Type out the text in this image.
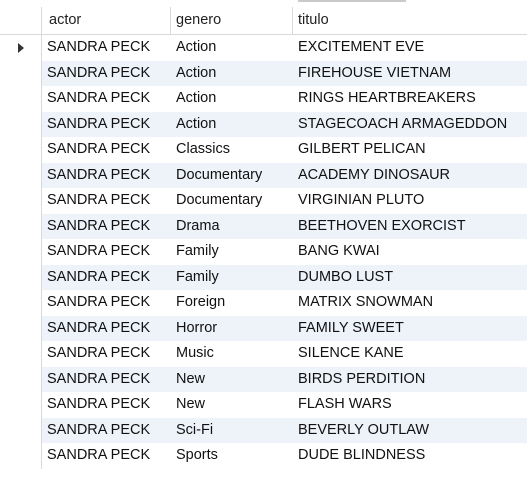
actor	genero	titulo
SANDRA PECK	Action	EXCITEMENT EVE
SANDRA PECK	Action	FIREHOUSE VIETNAM
SANDRA PECK	Action	RINGS HEARTBREAKERS
SANDRA PECK	Action	STAGECOACH ARMAGEDDON
SANDRA PECK	Classics	GILBERT PELICAN
SANDRA PECK	Documentary	ACADEMY DINOSAUR
SANDRA PECK	Documentary	VIRGINIAN PLUTO
SANDRA PECK	Drama	BEETHOVEN EXORCIST
SANDRA PECK	Family	BANG KWAI
SANDRA PECK	Family	DUMBO LUST
SANDRA PECK	Foreign	MATRIX SNOWMAN
SANDRA PECK	Horror	FAMILY SWEET
SANDRA PECK	Music	SILENCE KANE
SANDRA PECK	New	BIRDS PERDITION
SANDRA PECK	New	FLASH WARS
SANDRA PECK	Sci-Fi	BEVERLY OUTLAW
SANDRA PECK	Sports	DUDE BLINDNESS
